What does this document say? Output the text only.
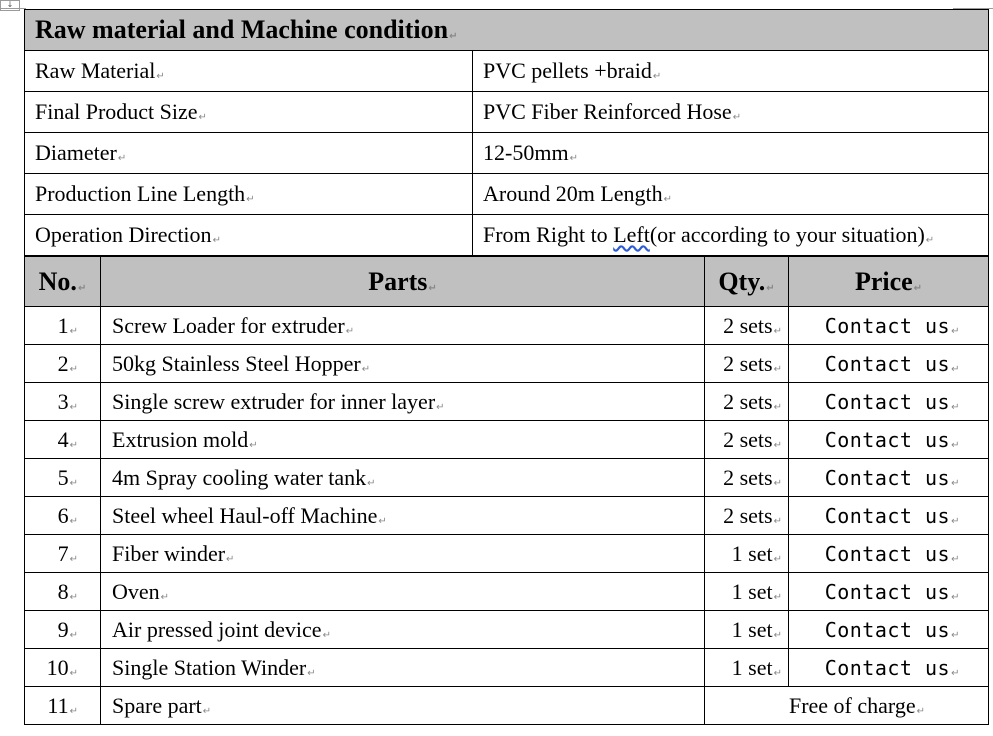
↓
Raw material and Machine condition↵	
Raw Material↵	PVC pellets +braid↵
Final Product Size↵	PVC Fiber Reinforced Hose↵
Diameter↵	12-50mm↵
Production Line Length↵	Around 20m Length↵
Operation Direction↵	From Right to Left(or according to your situation)↵
No.↵	Parts↵	Qty.↵	Price↵
1↵	Screw Loader for extruder↵	2 sets↵	Contact us↵
2↵	50kg Stainless Steel Hopper↵	2 sets↵	Contact us↵
3↵	Single screw extruder for inner layer↵	2 sets↵	Contact us↵
4↵	Extrusion mold↵	2 sets↵	Contact us↵
5↵	4m Spray cooling water tank↵	2 sets↵	Contact us↵
6↵	Steel wheel Haul-off Machine↵	2 sets↵	Contact us↵
7↵	Fiber winder↵	1 set↵	Contact us↵
8↵	Oven↵	1 set↵	Contact us↵
9↵	Air pressed joint device↵	1 set↵	Contact us↵
10↵	Single Station Winder↵	1 set↵	Contact us↵
11↵	Spare part↵	Free of charge↵	
